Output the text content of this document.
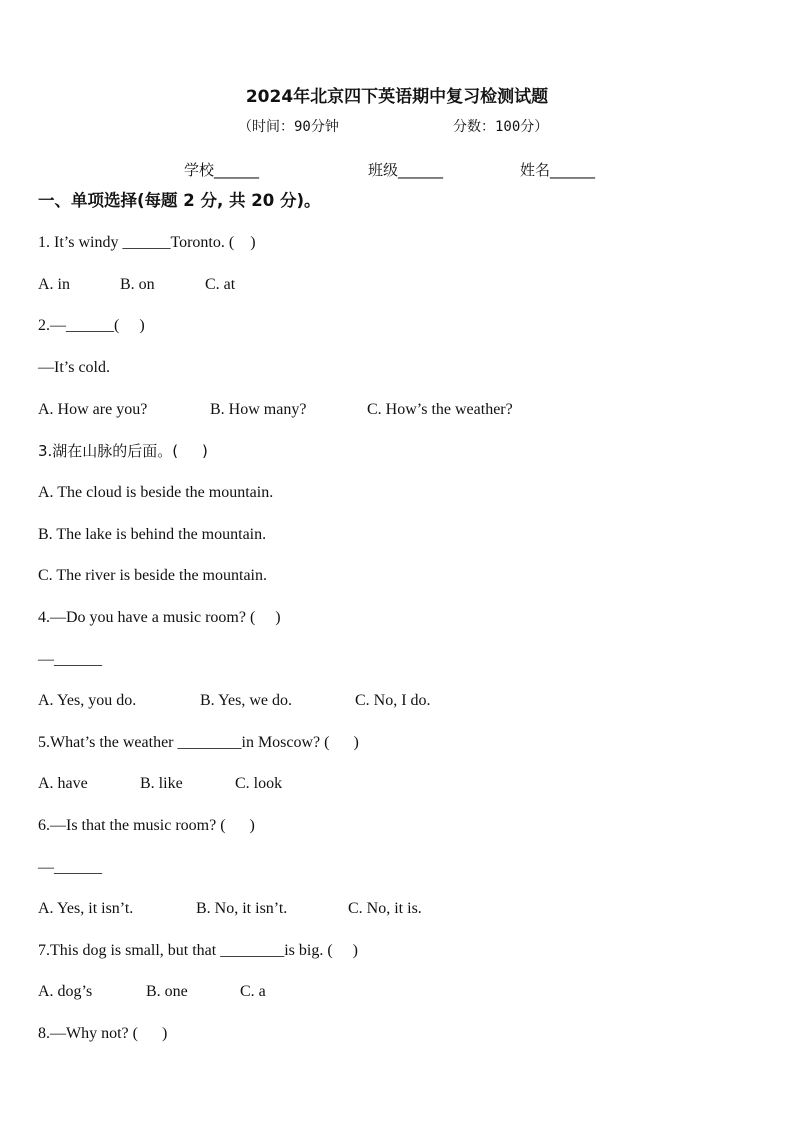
2024年北京四下英语期中复习检测试题
（时间：90分钟	分数：100分）
学校______	班级______	姓名______
一、单项选择(每题 2 分, 共 20 分)。
1. It’s windy ______Toronto. (    )
A. in	B. on	C. at
2.—______(     )
—It’s cold.
A. How are you?	B. How many?	C. How’s the weather?
3.湖在山脉的后面。(     )
A. The cloud is beside the mountain.
B. The lake is behind the mountain.
C. The river is beside the mountain.
4.—Do you have a music room? (     )
—______
A. Yes, you do.	B. Yes, we do.	C. No, I do.
5.What’s the weather ________in Moscow? (      )
A. have	B. like	C. look
6.—Is that the music room? (      )
—______
A. Yes, it isn’t.	B. No, it isn’t.	C. No, it is.
7.This dog is small, but that ________is big. (     )
A. dog’s	B. one	C. a
8.—Why not? (      )
